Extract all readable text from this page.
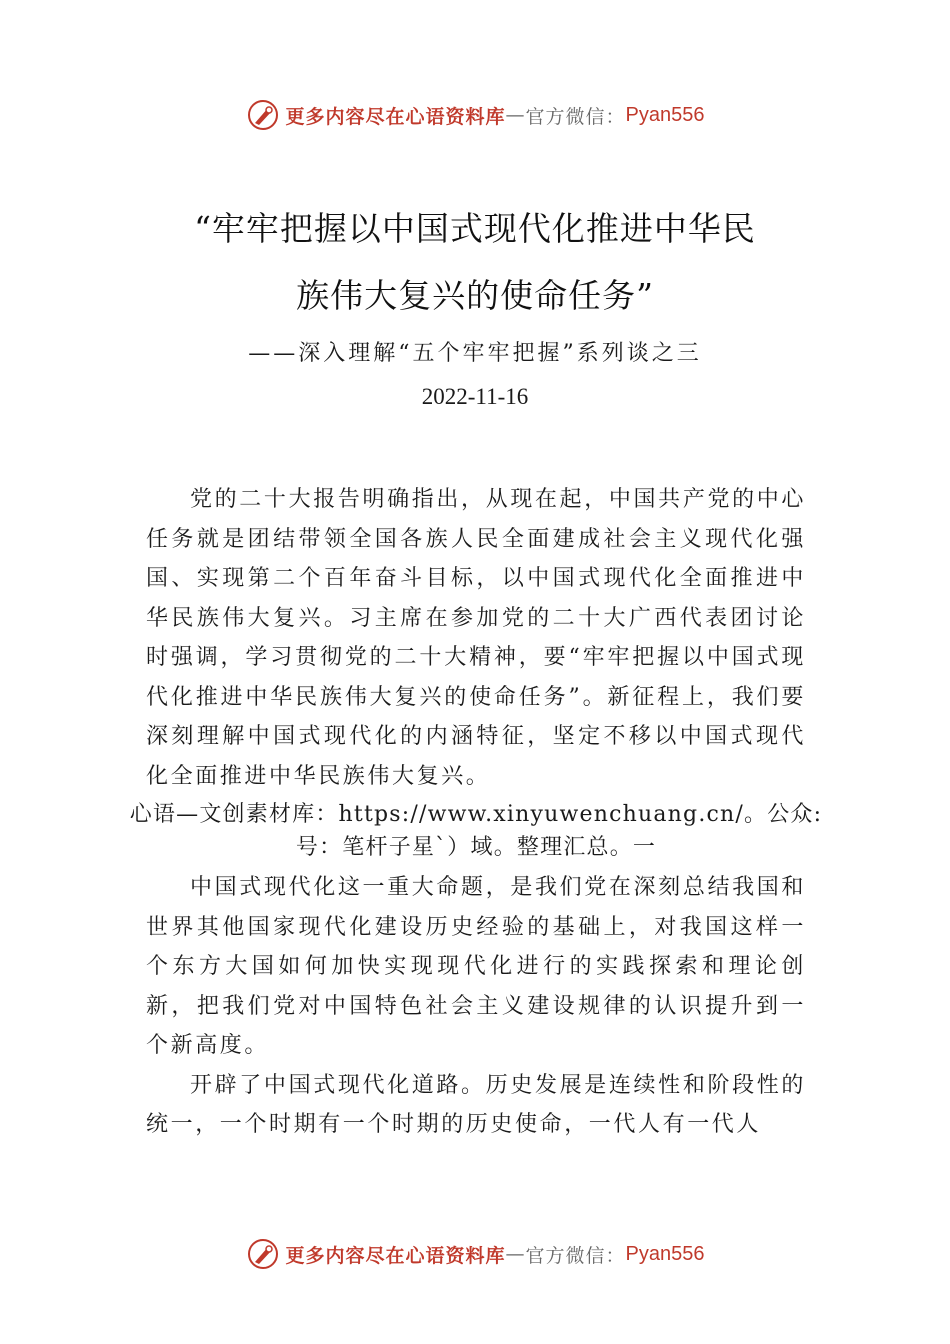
更多内容尽在心语资料库 — 官方微信： Pyan556
“牢牢把握以中国式现代化推进中华民
族伟大复兴的使命任务”
——深入理解“五个牢牢把握”系列谈之三
2022-11-16

党的二十大报告明确指出，从现在起，中国共产党的中心任务就是团结带领全国各族人民全面建成社会主义现代化强国、实现第二个百年奋斗目标，以中国式现代化全面推进中华民族伟大复兴。习主席在参加党的二十大广西代表团讨论时强调，学习贯彻党的二十大精神，要“牢牢把握以中国式现代化推进中华民族伟大复兴的使命任务”。新征程上，我们要深刻理解中国式现代化的内涵特征，坚定不移以中国式现代化全面推进中华民族伟大复兴。

心语—文创素材库：https://www.xinyuwenchuang.cn/。公众:号：笔杆子星`）域。整理汇总。一

中国式现代化这一重大命题，是我们党在深刻总结我国和世界其他国家现代化建设历史经验的基础上，对我国这样一个东方大国如何加快实现现代化进行的实践探索和理论创新，把我们党对中国特色社会主义建设规律的认识提升到一个新高度。

开辟了中国式现代化道路。历史发展是连续性和阶段性的统一，一个时期有一个时期的历史使命，一代人有一代人

更多内容尽在心语资料库 — 官方微信： Pyan556
